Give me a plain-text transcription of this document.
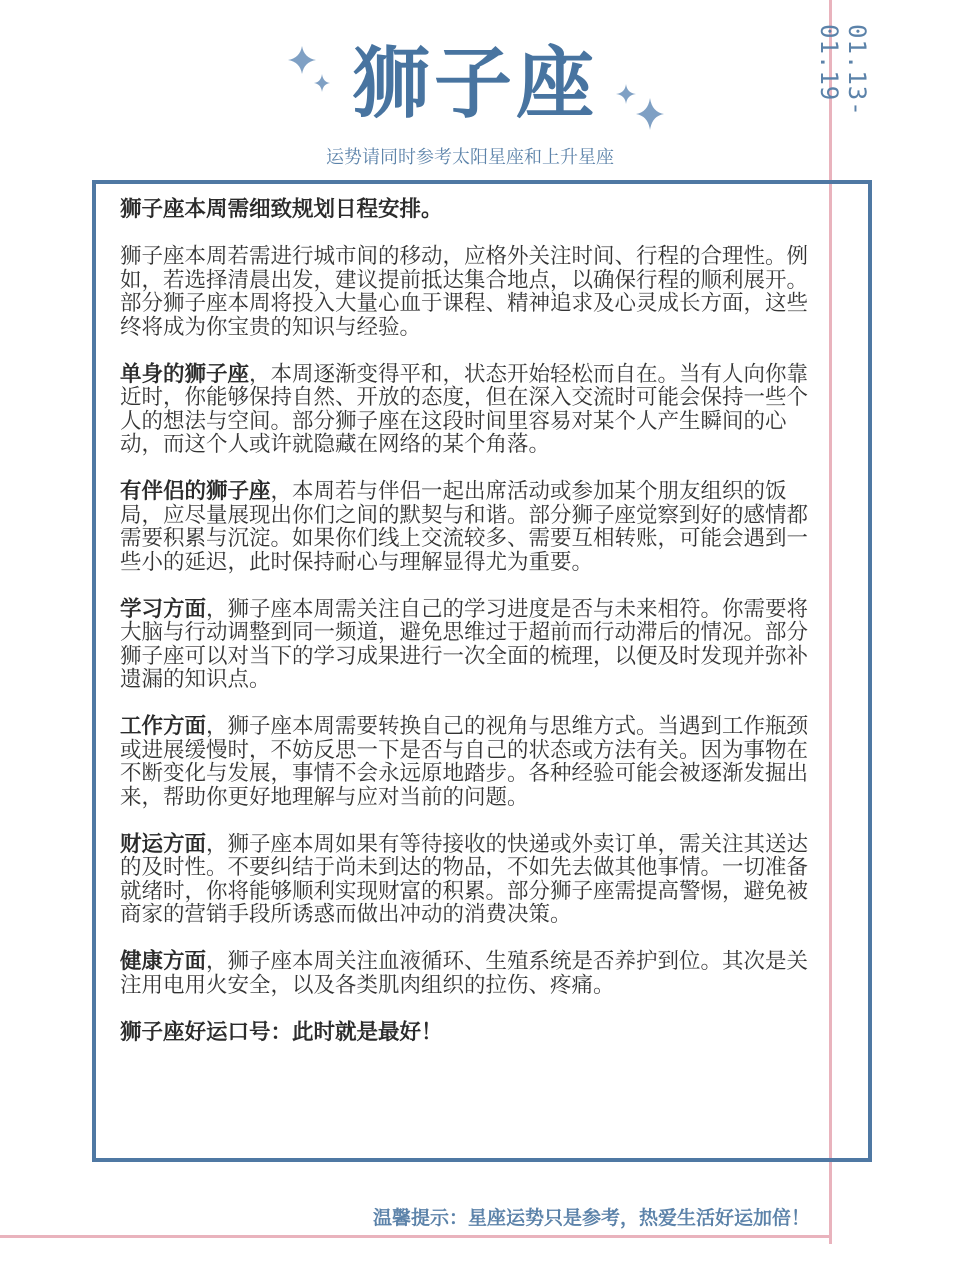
01.13-01.19
狮子座
运势请同时参考太阳星座和上升星座

狮子座本周需细致规划日程安排。

狮子座本周若需进行城市间的移动，应格外关注时间、行程的合理性。例如，若选择清晨出发，建议提前抵达集合地点，以确保行程的顺利展开。部分狮子座本周将投入大量心血于课程、精神追求及心灵成长方面，这些终将成为你宝贵的知识与经验。

单身的狮子座，本周逐渐变得平和，状态开始轻松而自在。当有人向你靠近时，你能够保持自然、开放的态度，但在深入交流时可能会保持一些个人的想法与空间。部分狮子座在这段时间里容易对某个人产生瞬间的心动，而这个人或许就隐藏在网络的某个角落。

有伴侣的狮子座，本周若与伴侣一起出席活动或参加某个朋友组织的饭局，应尽量展现出你们之间的默契与和谐。部分狮子座觉察到好的感情都需要积累与沉淀。如果你们线上交流较多、需要互相转账，可能会遇到一些小的延迟，此时保持耐心与理解显得尤为重要。

学习方面，狮子座本周需关注自己的学习进度是否与未来相符。你需要将大脑与行动调整到同一频道，避免思维过于超前而行动滞后的情况。部分狮子座可以对当下的学习成果进行一次全面的梳理，以便及时发现并弥补遗漏的知识点。

工作方面，狮子座本周需要转换自己的视角与思维方式。当遇到工作瓶颈或进展缓慢时，不妨反思一下是否与自己的状态或方法有关。因为事物在不断变化与发展，事情不会永远原地踏步。各种经验可能会被逐渐发掘出来，帮助你更好地理解与应对当前的问题。

财运方面，狮子座本周如果有等待接收的快递或外卖订单，需关注其送达的及时性。不要纠结于尚未到达的物品，不如先去做其他事情。一切准备就绪时，你将能够顺利实现财富的积累。部分狮子座需提高警惕，避免被商家的营销手段所诱惑而做出冲动的消费决策。

健康方面，狮子座本周关注血液循环、生殖系统是否养护到位。其次是关注用电用火安全，以及各类肌肉组织的拉伤、疼痛。

狮子座好运口号：此时就是最好！

温馨提示：星座运势只是参考，热爱生活好运加倍！
